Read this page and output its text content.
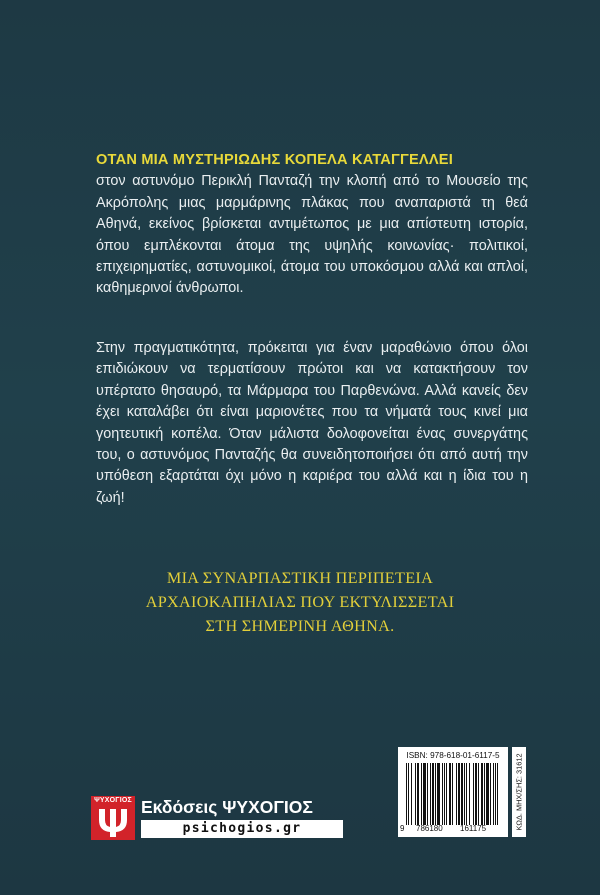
ΟΤΑΝ ΜΙΑ ΜΥΣΤΗΡΙΩΔΗΣ ΚΟΠΕΛΑ ΚΑΤΑΓΓΕΛΛΕΙ
στον αστυνόμο Περικλή Πανταζή την κλοπή από το Μουσείο της Ακρόπολης μιας μαρμάρινης πλάκας που αναπαριστά τη θεά Αθηνά, εκείνος βρίσκεται αντιμέτωπος με μια απίστευτη ιστορία, όπου εμπλέκονται άτομα της υψηλής κοινωνίας· πολιτικοί, επιχειρηματίες, αστυνομικοί, άτομα του υποκόσμου αλλά και απλοί, καθημερινοί άνθρωποι.
Στην πραγματικότητα, πρόκειται για έναν μαραθώνιο όπου όλοι επιδιώκουν να τερματίσουν πρώτοι και να κατακτήσουν τον υπέρτατο θησαυρό, τα Μάρμαρα του Παρθενώνα. Αλλά κανείς δεν έχει καταλάβει ότι είναι μαριονέτες που τα νήματά τους κινεί μια γοητευτική κοπέλα. Όταν μάλιστα δολοφονείται ένας συνεργάτης του, ο αστυνόμος Πανταζής θα συνειδητοποιήσει ότι από αυτή την υπόθεση εξαρτάται όχι μόνο η καριέρα του αλλά και η ίδια του η ζωή!
ΜΙΑ ΣΥΝΑΡΠΑΣΤΙΚΗ ΠΕΡΙΠΕΤΕΙΑ
ΑΡΧΑΙΟΚΑΠΗΛΙΑΣ ΠΟΥ ΕΚΤΥΛΙΣΣΕΤΑΙ
ΣΤΗ ΣΗΜΕΡΙΝΗ ΑΘΗΝΑ.
ΨΥΧΟΓΙΟΣ Εκδόσεις ΨΥΧΟΓΙΟΣ
psichogios.gr
ISBN: 978-618-01-6117-5
9 786180 161175	ΚΩΔ. ΜΗΧ/ΣΗΣ: 31612
